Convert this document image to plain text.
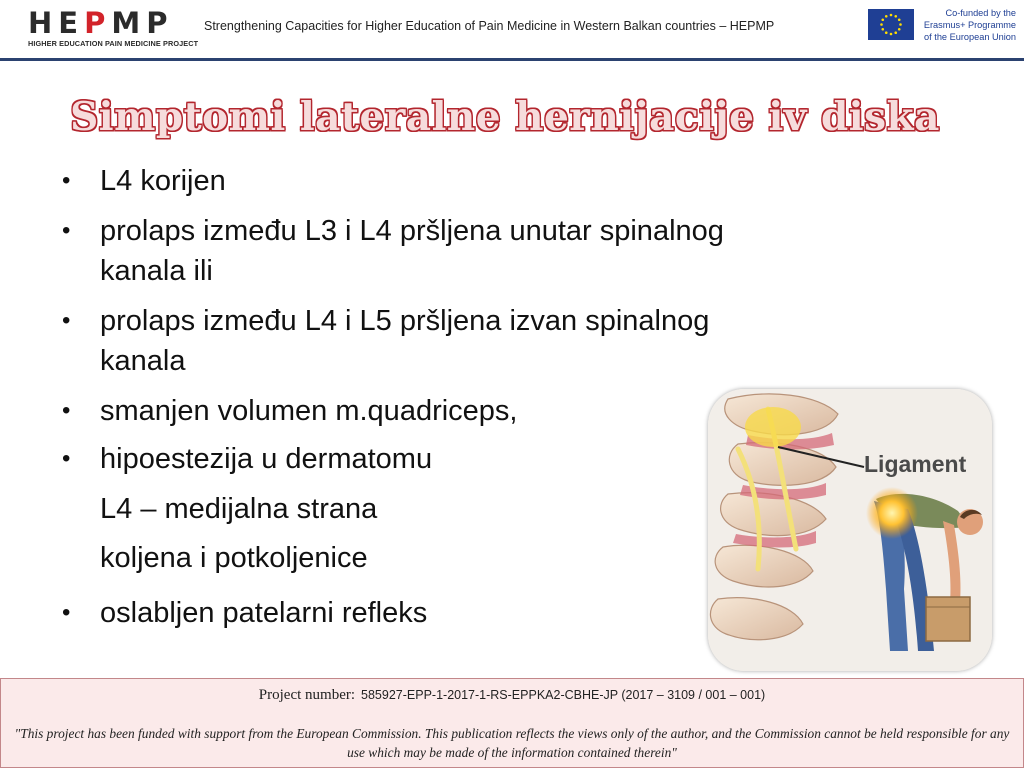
HEPMP
HIGHER EDUCATION PAIN MEDICINE PROJECT
Strengthening Capacities for Higher Education of Pain Medicine in Western Balkan countries – HEPMP
Co-funded by the
Erasmus+ Programme
of the European Union
Simptomi lateralne hernijacije iv diska
• L4 korijen
• prolaps između L3 i L4 pršljena unutar spinalnog
kanala ili
• prolaps između L4 i L5 pršljena izvan spinalnog
kanala
• smanjen volumen m.quadriceps,
• hipoestezija u dermatomu
L4 – medijalna strana
koljena i potkoljenice
• oslabljen patelarni refleks
Ligament
Project number: 585927-EPP-1-2017-1-RS-EPPKA2-CBHE-JP (2017 – 3109 / 001 – 001)
"This project has been funded with support from the European Commission. This publication reflects the views only of the author, and the Commission cannot be held responsible for any use which may be made of the information contained therein"
